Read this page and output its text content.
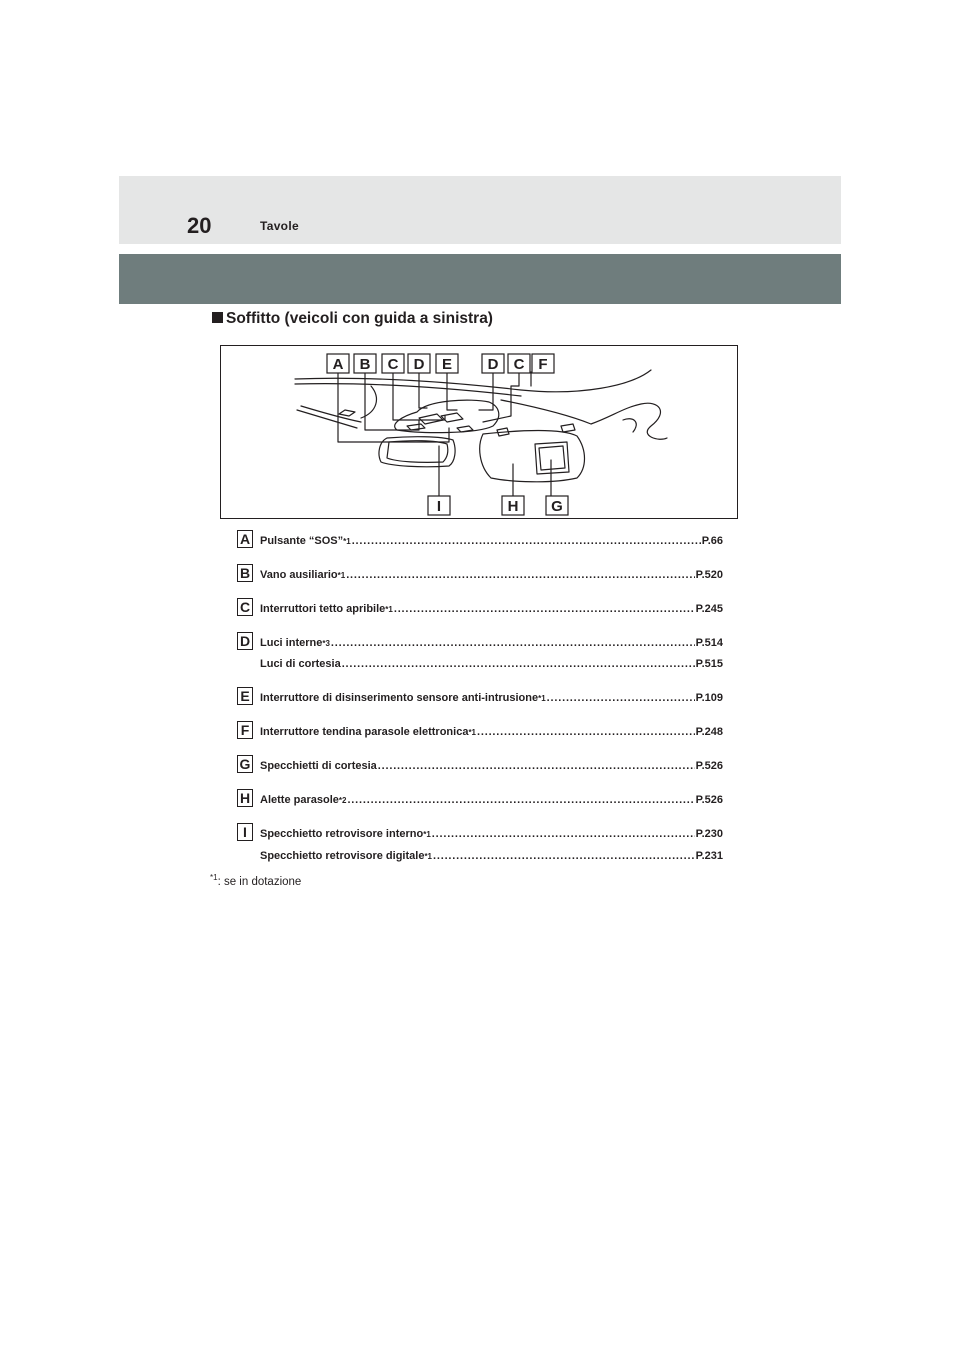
20	Tavole
Soffitto (veicoli con guida a sinistra)
A B C D E D C F
I	H G
A Pulsante “SOS” *1 .....	P.66
B Vano ausiliario *1 .....	P.520
C Interruttori tetto apribile *1 .....	P.245
D Luci interne *3 .....	P.514
Luci di cortesia .....	P.515
E Interruttore di disinserimento sensore anti-intrusione *1 .....	P.109
F Interruttore tendina parasole elettronica *1 .....	P.248
G Specchietti di cortesia .....	P.526
H Alette parasole *2 .....	P.526
I	Specchietto retrovisore interno *1 .....	P.230
Specchietto retrovisore digitale *1 .....	P.231
$^{*1}$: se in dotazione
